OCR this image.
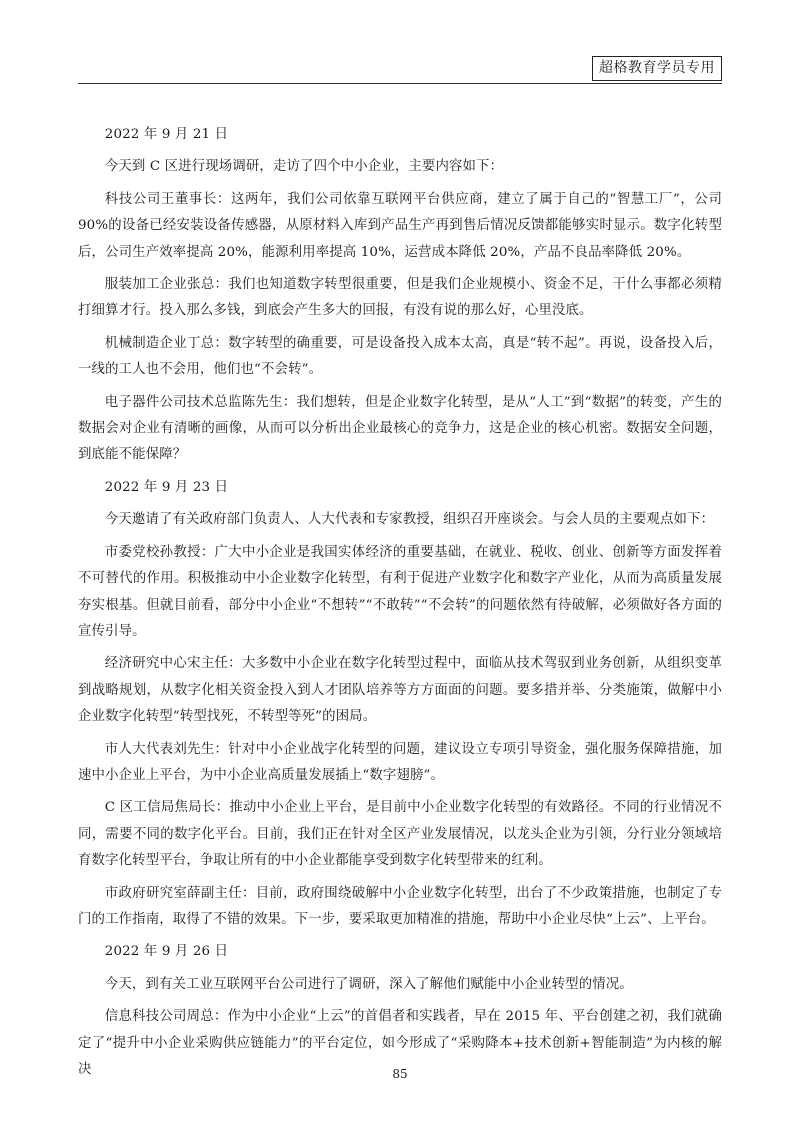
超格教育学员专用

2022 年 9 月 21 日

今天到 C 区进行现场调研，走访了四个中小企业，主要内容如下：

科技公司王董事长：这两年，我们公司依靠互联网平台供应商，建立了属于自己的“智慧工厂”，公司 90%的设备已经安装设备传感器，从原材料入库到产品生产再到售后情况反馈都能够实时显示。数字化转型后，公司生产效率提高 20%，能源利用率提高 10%，运营成本降低 20%，产品不良品率降低 20%。

服装加工企业张总：我们也知道数字转型很重要，但是我们企业规模小、资金不足，干什么事都必须精打细算才行。投入那么多钱，到底会产生多大的回报，有没有说的那么好，心里没底。

机械制造企业丁总：数字转型的确重要，可是设备投入成本太高，真是“转不起”。再说，设备投入后，一线的工人也不会用，他们也“不会转”。

电子器件公司技术总监陈先生：我们想转，但是企业数字化转型，是从“人工”到“数据”的转变，产生的数据会对企业有清晰的画像，从而可以分析出企业最核心的竞争力，这是企业的核心机密。数据安全问题，到底能不能保障？

2022 年 9 月 23 日

今天邀请了有关政府部门负责人、人大代表和专家教授，组织召开座谈会。与会人员的主要观点如下：

市委党校孙教授：广大中小企业是我国实体经济的重要基础，在就业、税收、创业、创新等方面发挥着不可替代的作用。积极推动中小企业数字化转型，有利于促进产业数字化和数字产业化，从而为高质量发展夯实根基。但就目前看，部分中小企业“不想转”“不敢转”“不会转”的问题依然有待破解，必须做好各方面的宣传引导。

经济研究中心宋主任：大多数中小企业在数字化转型过程中，面临从技术驾驭到业务创新，从组织变革到战略规划，从数字化相关资金投入到人才团队培养等方方面面的问题。要多措并举、分类施策，做解中小企业数字化转型“转型找死，不转型等死”的困局。

市人大代表刘先生：针对中小企业战字化转型的问题，建议设立专项引导资金，强化服务保障措施，加速中小企业上平台，为中小企业高质量发展插上“数字翅膀”。

C 区工信局焦局长：推动中小企业上平台，是目前中小企业数字化转型的有效路径。不同的行业情况不同，需要不同的数字化平台。目前，我们正在针对全区产业发展情况，以龙头企业为引领，分行业分领域培育数字化转型平台，争取让所有的中小企业都能享受到数字化转型带来的红利。

市政府研究室薛副主任：目前，政府围绕破解中小企业数字化转型，出台了不少政策措施，也制定了专门的工作指南，取得了不错的效果。下一步，要采取更加精准的措施，帮助中小企业尽快“上云”、上平台。

2022 年 9 月 26 日

今天，到有关工业互联网平台公司进行了调研，深入了解他们赋能中小企业转型的情况。

信息科技公司周总：作为中小企业“上云”的首倡者和实践者，早在 2015 年、平台创建之初，我们就确定了“提升中小企业采购供应链能力”的平台定位，如今形成了“采购降本+技术创新+智能制造”为内核的解决	85
